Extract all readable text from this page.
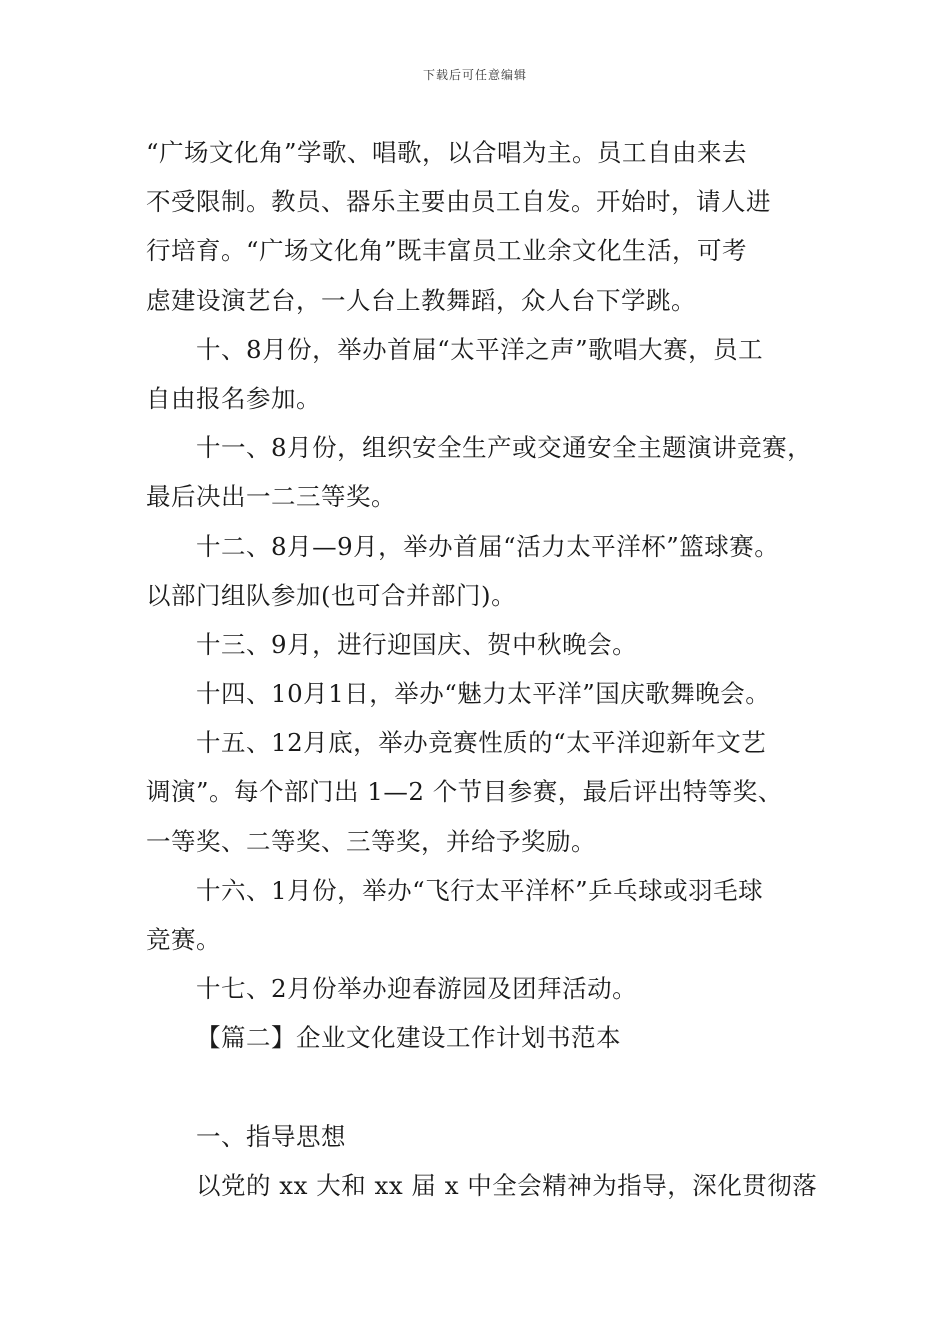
下载后可任意编辑
“广场文化角”学歌、唱歌，以合唱为主。员工自由来去
不受限制。教员、器乐主要由员工自发。开始时，请人进
行培育。“广场文化角”既丰富员工业余文化生活，可考
虑建设演艺台，一人台上教舞蹈，众人台下学跳。
十、8月份，举办首届“太平洋之声”歌唱大赛，员工
自由报名参加。
十一、8月份，组织安全生产或交通安全主题演讲竞赛，
最后决出一二三等奖。
十二、8月—9月，举办首届“活力太平洋杯”篮球赛。
以部门组队参加(也可合并部门)。
十三、9月，进行迎国庆、贺中秋晚会。
十四、10月1日，举办“魅力太平洋”国庆歌舞晚会。
十五、12月底，举办竞赛性质的“太平洋迎新年文艺
调演”。每个部门出 1—2 个节目参赛，最后评出特等奖、
一等奖、二等奖、三等奖，并给予奖励。
十六、1月份，举办“飞行太平洋杯”乒乓球或羽毛球
竞赛。
十七、2月份举办迎春游园及团拜活动。
【篇二】企业文化建设工作计划书范本
一、指导思想
以党的 xx 大和 xx 届 x 中全会精神为指导，深化贯彻落
